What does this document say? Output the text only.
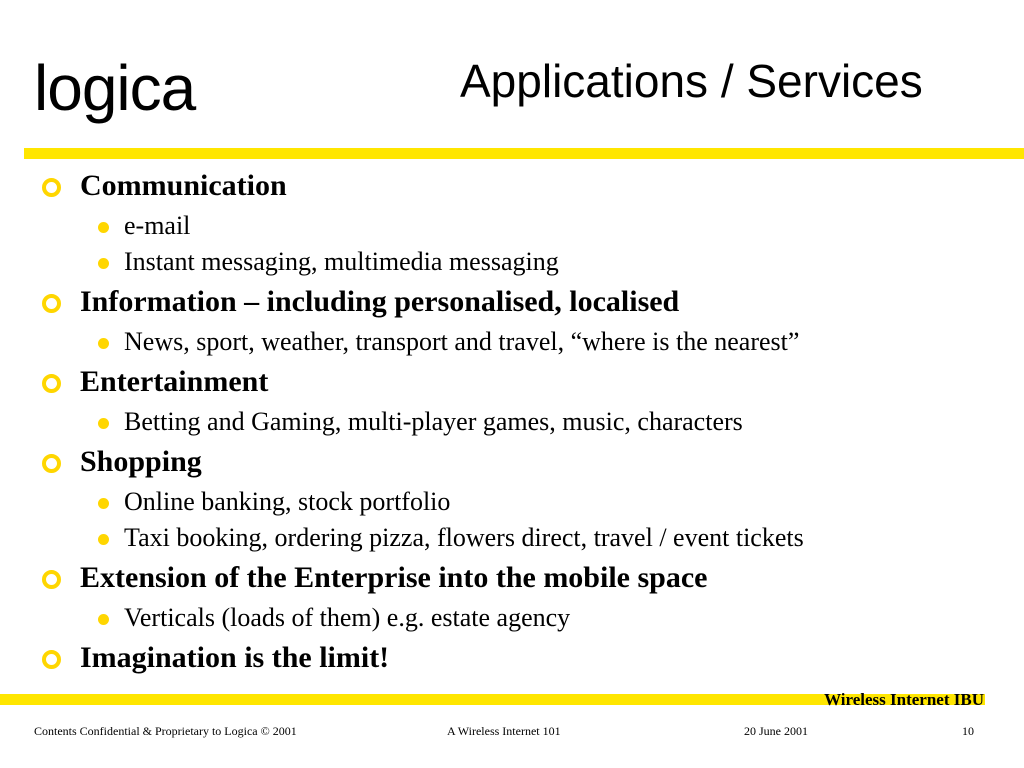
logica	Applications / Services
Communication
e-mail
Instant messaging, multimedia messaging
Information – including personalised, localised
News, sport, weather, transport and travel, “where is the nearest”
Entertainment
Betting and Gaming, multi-player games, music, characters
Shopping
Online banking, stock portfolio
Taxi booking, ordering pizza, flowers direct, travel / event tickets
Extension of the Enterprise into the mobile space
Verticals (loads of them) e.g. estate agency
Imagination is the limit!
Wireless Internet IBU
Contents Confidential & Proprietary to Logica © 2001	A Wireless Internet 101	20 June 2001	10
